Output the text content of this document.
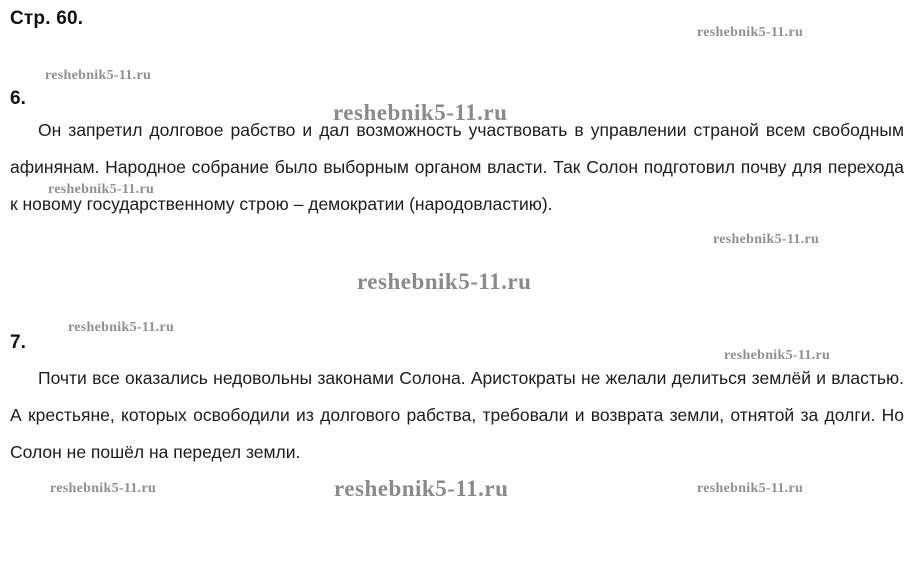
Стр. 60.
6.

Он запретил долговое рабство и дал возможность участвовать в управлении страной всем свободным афинянам. Народное собрание было выборным органом власти. Так Солон подготовил почву для перехода к новому государственному строю – демократии (народовластию).

7.

Почти все оказались недовольны законами Солона. Аристократы не желали делиться землёй и властью. А крестьяне, которых освободили из долгового рабства, требовали и возврата земли, отнятой за долги. Но Солон не пошёл на передел земли.

reshebnik5-11.ru
reshebnik5-11.ru
reshebnik5-11.ru
reshebnik5-11.ru
reshebnik5-11.ru
reshebnik5-11.ru
reshebnik5-11.ru
reshebnik5-11.ru
reshebnik5-11.ru	reshebnik5-11.ru	reshebnik5-11.ru
